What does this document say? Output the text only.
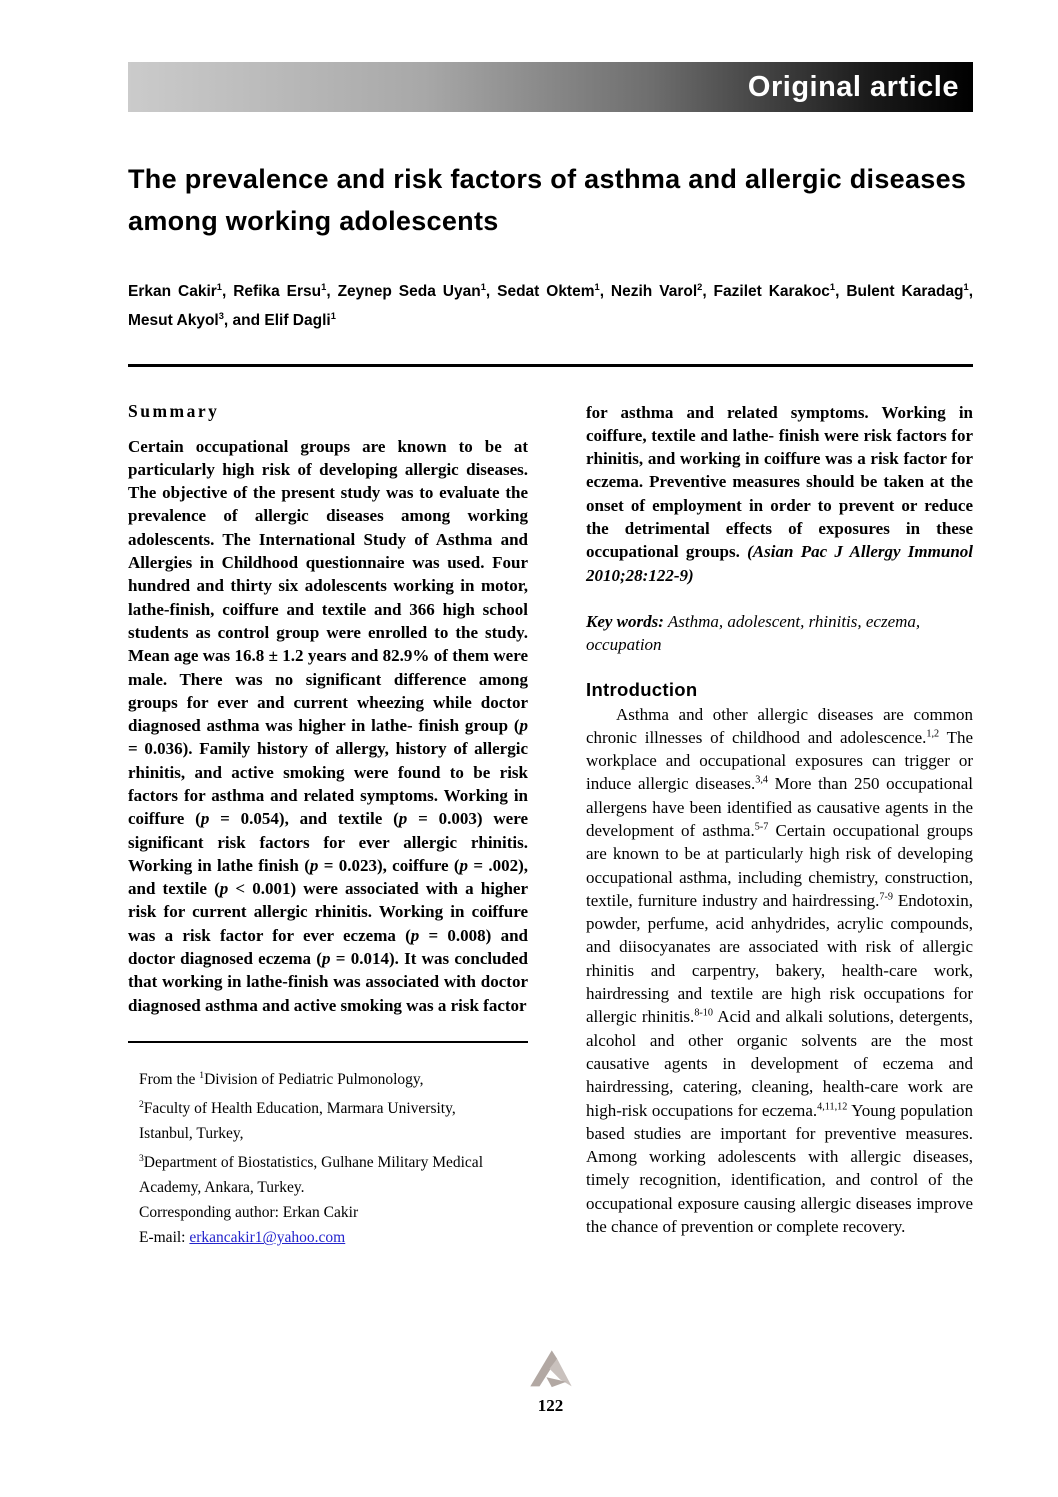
Original article
The prevalence and risk factors of asthma and allergic diseases among working adolescents
Erkan Cakir$^1$, Refika Ersu$^1$, Zeynep Seda Uyan$^1$, Sedat Oktem$^1$, Nezih Varol$^2$, Fazilet Karakoc$^1$, Bulent Karadag$^1$, Mesut Akyol$^3$, and Elif Dagli$^1$
Summary

Certain occupational groups are known to be at particularly high risk of developing allergic diseases. The objective of the present study was to evaluate the prevalence of allergic diseases among working adolescents. The International Study of Asthma and Allergies in Childhood questionnaire was used. Four hundred and thirty six adolescents working in motor, lathe-finish, coiffure and textile and 366 high school students as control group were enrolled to the study. Mean age was 16.8 ± 1.2 years and 82.9% of them were male. There was no significant difference among groups for ever and current wheezing while doctor diagnosed asthma was higher in lathe- finish group (p = 0.036). Family history of allergy, history of allergic rhinitis, and active smoking were found to be risk factors for asthma and related symptoms. Working in coiffure (p = 0.054), and textile (p = 0.003) were significant risk factors for ever allergic rhinitis. Working in lathe finish (p = 0.023), coiffure (p = .002), and textile (p < 0.001) were associated with a higher risk for current allergic rhinitis. Working in coiffure was a risk factor for ever eczema (p = 0.008) and doctor diagnosed eczema (p = 0.014). It was concluded that working in lathe-finish was associated with doctor diagnosed asthma and active smoking was a risk factor

From the $^1$Division of Pediatric Pulmonology,
$^2$Faculty of Health Education, Marmara University,
Istanbul, Turkey,
$^3$Department of Biostatistics, Gulhane Military Medical
Academy, Ankara, Turkey.
Corresponding author: Erkan Cakir
E-mail: erkancakir1@yahoo.com

for asthma and related symptoms. Working in coiffure, textile and lathe- finish were risk factors for rhinitis, and working in coiffure was a risk factor for eczema. Preventive measures should be taken at the onset of employment in order to prevent or reduce the detrimental effects of exposures in these occupational groups. (Asian Pac J Allergy Immunol 2010;28:122-9)

Key words: Asthma, adolescent, rhinitis, eczema, occupation

Introduction

Asthma and other allergic diseases are common chronic illnesses of childhood and adolescence.$^{1,2}$ The workplace and occupational exposures can trigger or induce allergic diseases.$^{3,4}$ More than 250 occupational allergens have been identified as causative agents in the development of asthma.$^{5-7}$ Certain occupational groups are known to be at particularly high risk of developing occupational asthma, including chemistry, construction, textile, furniture industry and hairdressing.$^{7-9}$ Endotoxin, powder, perfume, acid anhydrides, acrylic compounds, and diisocyanates are associated with risk of allergic rhinitis and carpentry, bakery, health-care work, hairdressing and textile are high risk occupations for allergic rhinitis.$^{8-10}$ Acid and alkali solutions, detergents, alcohol and other organic solvents are the most causative agents in development of eczema and hairdressing, catering, cleaning, health-care work are high-risk occupations for eczema.$^{4,11,12}$ Young population based studies are important for preventive measures. Among working adolescents with allergic diseases, timely recognition, identification, and control of the occupational exposure causing allergic diseases improve the chance of prevention or complete recovery.

122
